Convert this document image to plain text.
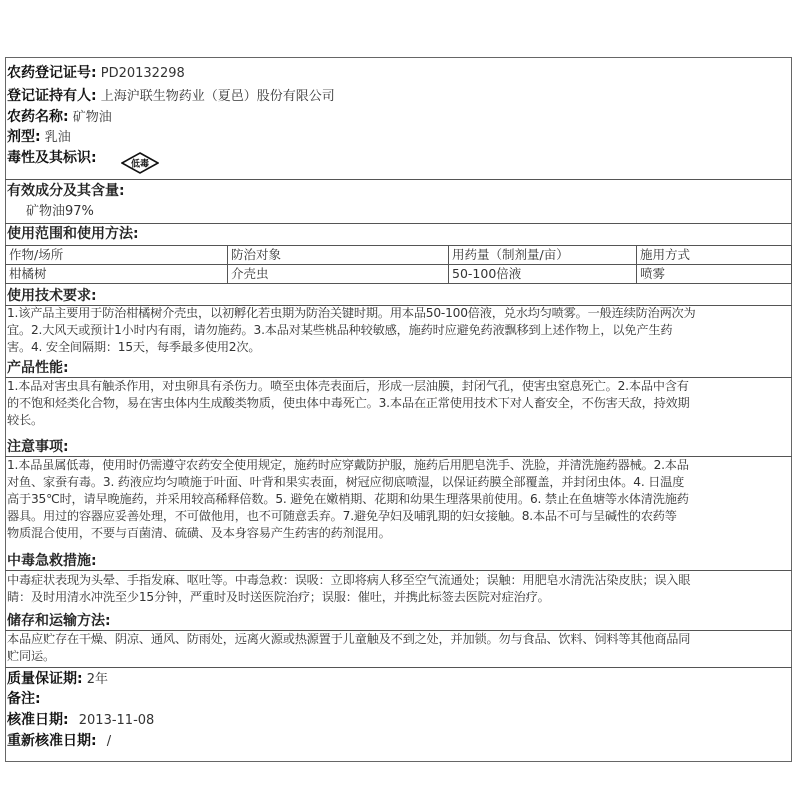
农药登记证号: PD20132298
登记证持有人: 上海沪联生物药业（夏邑）股份有限公司
农药名称: 矿物油
剂型: 乳油
毒性及其标识:	低毒
有效成分及其含量:
矿物油97%
使用范围和使用方法:
作物/场所	防治对象	用药量（制剂量/亩）	施用方式
柑橘树	介壳虫	50-100倍液	喷雾
使用技术要求:
1.该产品主要用于防治柑橘树介壳虫，以初孵化若虫期为防治关键时期。用本品50-100倍液，兑水均匀喷雾。一般连续防治两次为
宜。2.大风天或预计1小时内有雨，请勿施药。3.本品对某些桃品种较敏感，施药时应避免药液飘移到上述作物上，以免产生药
害。4. 安全间隔期：15天，每季最多使用2次。
产品性能:
1.本品对害虫具有触杀作用，对虫卵具有杀伤力。喷至虫体壳表面后，形成一层油膜，封闭气孔，使害虫窒息死亡。2.本品中含有
的不饱和烃类化合物，易在害虫体内生成酸类物质，使虫体中毒死亡。3.本品在正常使用技术下对人畜安全，不伤害天敌，持效期
较长。
注意事项:
1.本品虽属低毒，使用时仍需遵守农药安全使用规定，施药时应穿戴防护服，施药后用肥皂洗手、洗脸，并清洗施药器械。2.本品
对鱼、家蚕有毒。3. 药液应均匀喷施于叶面、叶背和果实表面，树冠应彻底喷湿，以保证药膜全部覆盖，并封闭虫体。4. 日温度
高于35℃时，请早晚施药，并采用较高稀释倍数。5. 避免在嫩梢期、花期和幼果生理落果前使用。6. 禁止在鱼塘等水体清洗施药
器具。用过的容器应妥善处理，不可做他用，也不可随意丢弃。7.避免孕妇及哺乳期的妇女接触。8.本品不可与呈碱性的农药等
物质混合使用，不要与百菌清、硫磺、及本身容易产生药害的药剂混用。
中毒急救措施:
中毒症状表现为头晕、手指发麻、呕吐等。中毒急救：误吸：立即将病人移至空气流通处；误触：用肥皂水清洗沾染皮肤；误入眼
睛：及时用清水冲洗至少15分钟，严重时及时送医院治疗；误服：催吐，并携此标签去医院对症治疗。
储存和运输方法:
本品应贮存在干燥、阴凉、通风、防雨处，远离火源或热源置于儿童触及不到之处，并加锁。勿与食品、饮料、饲料等其他商品同
贮同运。
质量保证期: 2年
备注:
核准日期: 2013-11-08
重新核准日期: /
